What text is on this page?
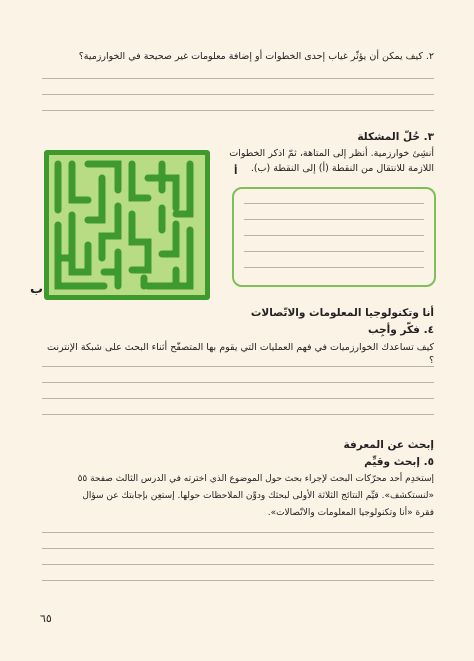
٢. كيف يمكن أن يؤثّر غياب إحدى الخطوات أو إضافة معلومات غير صحيحة في الخوارزمية؟
٣. حُلّ المشكلة
أنشِئ خوارزمية. أنظر إلى المتاهة، ثمّ اذكر الخطوات
اللازمة للانتقال من النقطة (أ) إلى النقطة (ب).
أ
ب
أنا وتكنولوجيا المعلومات والاتّصالات
٤. فكّر وأجِب
كيف تساعدك الخوارزميات في فهم العمليات التي يقوم بها المتصفّح أثناء البحث على شبكة الإنترنت ؟
إبحث عن المعرفة
٥. إبحث وقيِّم
إستخدِم أحد محرّكات البحث لإجراء بحث حول الموضوع الذي اخترته في الدرس الثالث صفحة ٥٥
«لنستكشف». قيِّم النتائج الثلاثة الأولى لبحثك ودوِّن الملاحظات حولها. إستعِن بإجابتك عن سؤال
فقرة «أنا وتكنولوجيا المعلومات والاتّصالات».
٦٥
